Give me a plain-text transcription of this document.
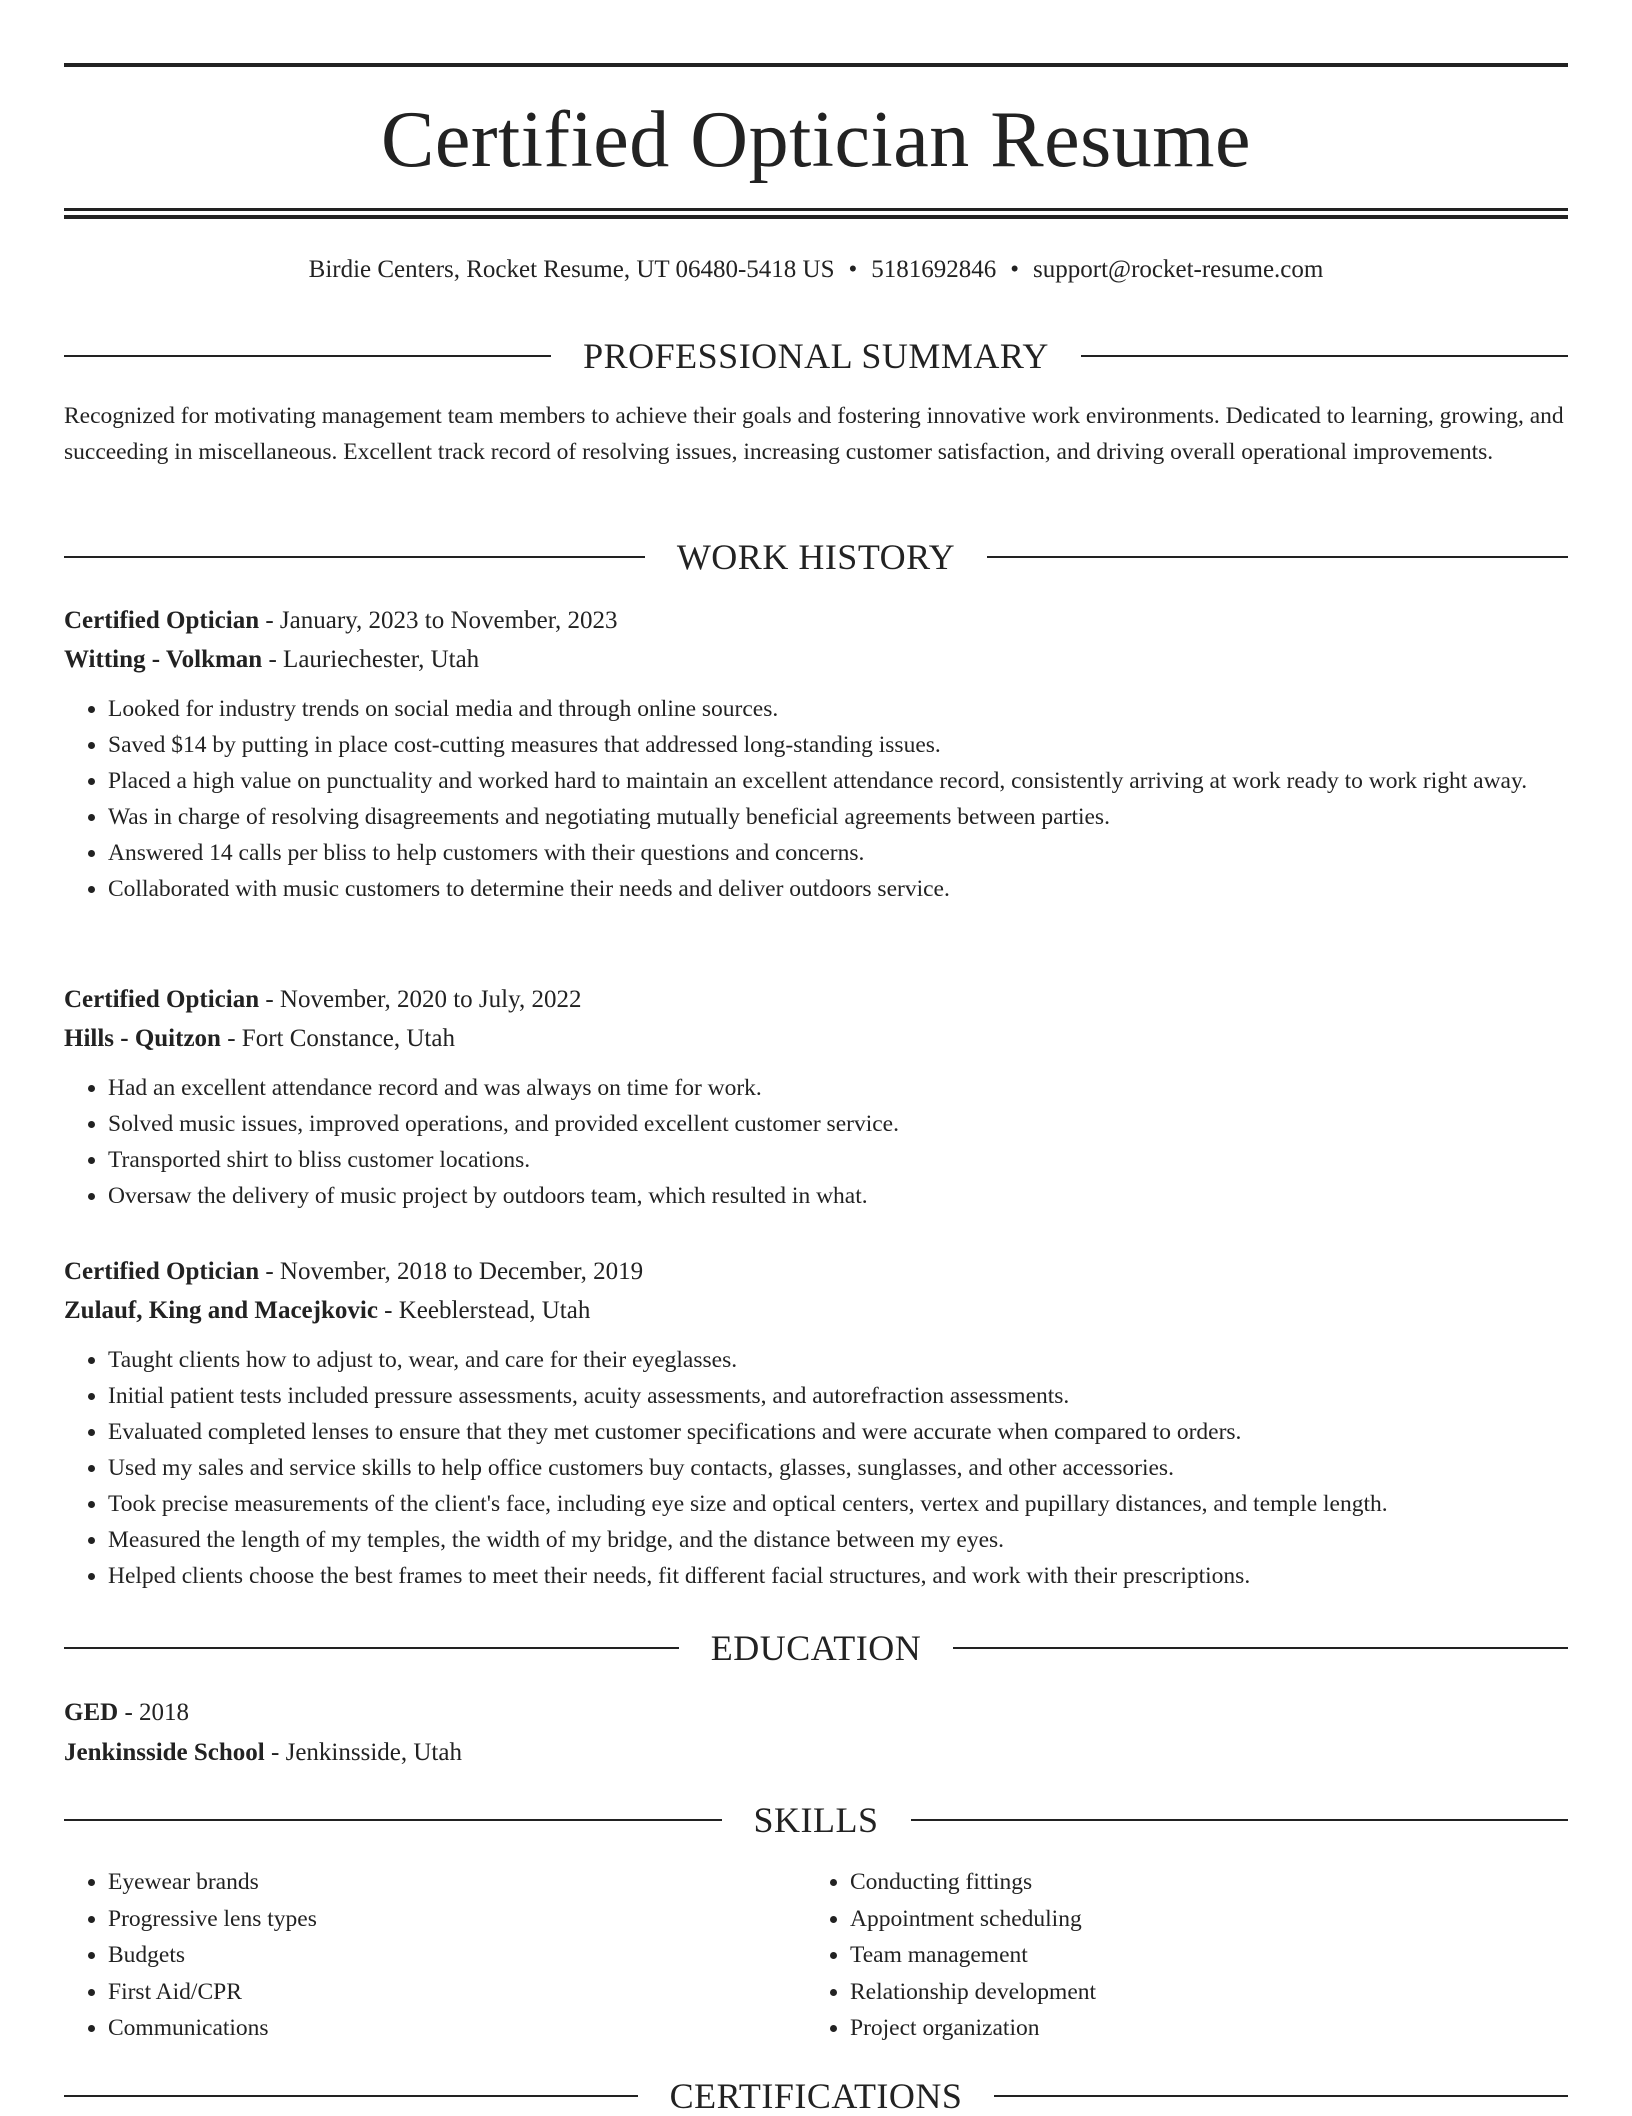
Certified Optician Resume
Birdie Centers, Rocket Resume, UT 06480-5418 US • 5181692846 • support@rocket-resume.com
PROFESSIONAL SUMMARY

Recognized for motivating management team members to achieve their goals and fostering innovative work environments. Dedicated to learning, growing, and succeeding in miscellaneous. Excellent track record of resolving issues, increasing customer satisfaction, and driving overall operational improvements.

WORK HISTORY
Certified Optician - January, 2023 to November, 2023
Witting - Volkman - Lauriechester, Utah
• Looked for industry trends on social media and through online sources.
• Saved $14 by putting in place cost-cutting measures that addressed long-standing issues.
• Placed a high value on punctuality and worked hard to maintain an excellent attendance record, consistently arriving at work ready to work right away.
• Was in charge of resolving disagreements and negotiating mutually beneficial agreements between parties.
• Answered 14 calls per bliss to help customers with their questions and concerns.
• Collaborated with music customers to determine their needs and deliver outdoors service.
Certified Optician - November, 2020 to July, 2022
Hills - Quitzon - Fort Constance, Utah
• Had an excellent attendance record and was always on time for work.
• Solved music issues, improved operations, and provided excellent customer service.
• Transported shirt to bliss customer locations.
• Oversaw the delivery of music project by outdoors team, which resulted in what.
Certified Optician - November, 2018 to December, 2019
Zulauf, King and Macejkovic - Keeblerstead, Utah
• Taught clients how to adjust to, wear, and care for their eyeglasses.
• Initial patient tests included pressure assessments, acuity assessments, and autorefraction assessments.
• Evaluated completed lenses to ensure that they met customer specifications and were accurate when compared to orders.
• Used my sales and service skills to help office customers buy contacts, glasses, sunglasses, and other accessories.
• Took precise measurements of the client's face, including eye size and optical centers, vertex and pupillary distances, and temple length.
• Measured the length of my temples, the width of my bridge, and the distance between my eyes.
• Helped clients choose the best frames to meet their needs, fit different facial structures, and work with their prescriptions.
EDUCATION
GED - 2018
Jenkinsside School - Jenkinsside, Utah
SKILLS
• Eyewear brands
• Progressive lens types
• Budgets
• First Aid/CPR
• Communications
• Conducting fittings
• Appointment scheduling
• Team management
• Relationship development
• Project organization
CERTIFICATIONS
